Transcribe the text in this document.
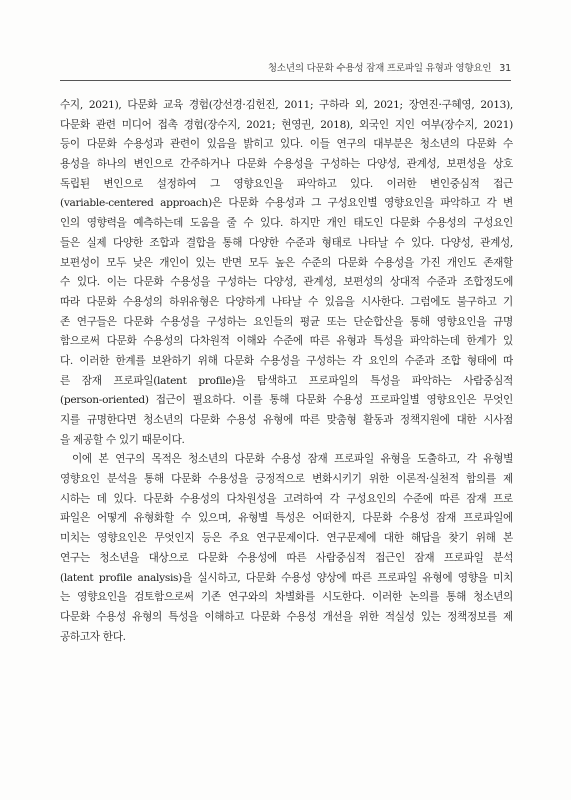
청소년의 다문화 수용성 잠재 프로파일 유형과 영향요인 31
수지, 2021), 다문화 교육 경험(강선경·김헌진, 2011; 구하라 외, 2021; 장연진·구혜영, 2013),
다문화 관련 미디어 접촉 경험(장수지, 2021; 현영권, 2018), 외국인 지인 여부(장수지, 2021)
등이 다문화 수용성과 관련이 있음을 밝히고 있다. 이들 연구의 대부분은 청소년의 다문화 수
용성을 하나의 변인으로 간주하거나 다문화 수용성을 구성하는 다양성, 관계성, 보편성을 상호
독립된 변인으로 설정하여 그 영향요인을 파악하고 있다. 이러한 변인중심적 접근
(variable-centered approach)은 다문화 수용성과 그 구성요인별 영향요인을 파악하고 각 변
인의 영향력을 예측하는데 도움을 줄 수 있다. 하지만 개인 태도인 다문화 수용성의 구성요인
들은 실제 다양한 조합과 결합을 통해 다양한 수준과 형태로 나타날 수 있다. 다양성, 관계성,
보편성이 모두 낮은 개인이 있는 반면 모두 높은 수준의 다문화 수용성을 가진 개인도 존재할
수 있다. 이는 다문화 수용성을 구성하는 다양성, 관계성, 보편성의 상대적 수준과 조합정도에
따라 다문화 수용성의 하위유형은 다양하게 나타날 수 있음을 시사한다. 그럼에도 불구하고 기
존 연구들은 다문화 수용성을 구성하는 요인들의 평균 또는 단순합산을 통해 영향요인을 규명
함으로써 다문화 수용성의 다차원적 이해와 수준에 따른 유형과 특성을 파악하는데 한계가 있
다. 이러한 한계를 보완하기 위해 다문화 수용성을 구성하는 각 요인의 수준과 조합 형태에 따
른 잠재 프로파일(latent profile)을 탐색하고 프로파일의 특성을 파악하는 사람중심적
(person-oriented) 접근이 필요하다. 이를 통해 다문화 수용성 프로파일별 영향요인은 무엇인
지를 규명한다면 청소년의 다문화 수용성 유형에 따른 맞춤형 활동과 정책지원에 대한 시사점
을 제공할 수 있기 때문이다.
이에 본 연구의 목적은 청소년의 다문화 수용성 잠재 프로파일 유형을 도출하고, 각 유형별
영향요인 분석을 통해 다문화 수용성을 긍정적으로 변화시키기 위한 이론적·실천적 함의를 제
시하는 데 있다. 다문화 수용성의 다차원성을 고려하여 각 구성요인의 수준에 따른 잠재 프로
파일은 어떻게 유형화할 수 있으며, 유형별 특성은 어떠한지, 다문화 수용성 잠재 프로파일에
미치는 영향요인은 무엇인지 등은 주요 연구문제이다. 연구문제에 대한 해답을 찾기 위해 본
연구는 청소년을 대상으로 다문화 수용성에 따른 사람중심적 접근인 잠재 프로파일 분석
(latent profile analysis)을 실시하고, 다문화 수용성 양상에 따른 프로파일 유형에 영향을 미치
는 영향요인을 검토함으로써 기존 연구와의 차별화를 시도한다. 이러한 논의를 통해 청소년의
다문화 수용성 유형의 특성을 이해하고 다문화 수용성 개선을 위한 적실성 있는 정책정보를 제
공하고자 한다.
